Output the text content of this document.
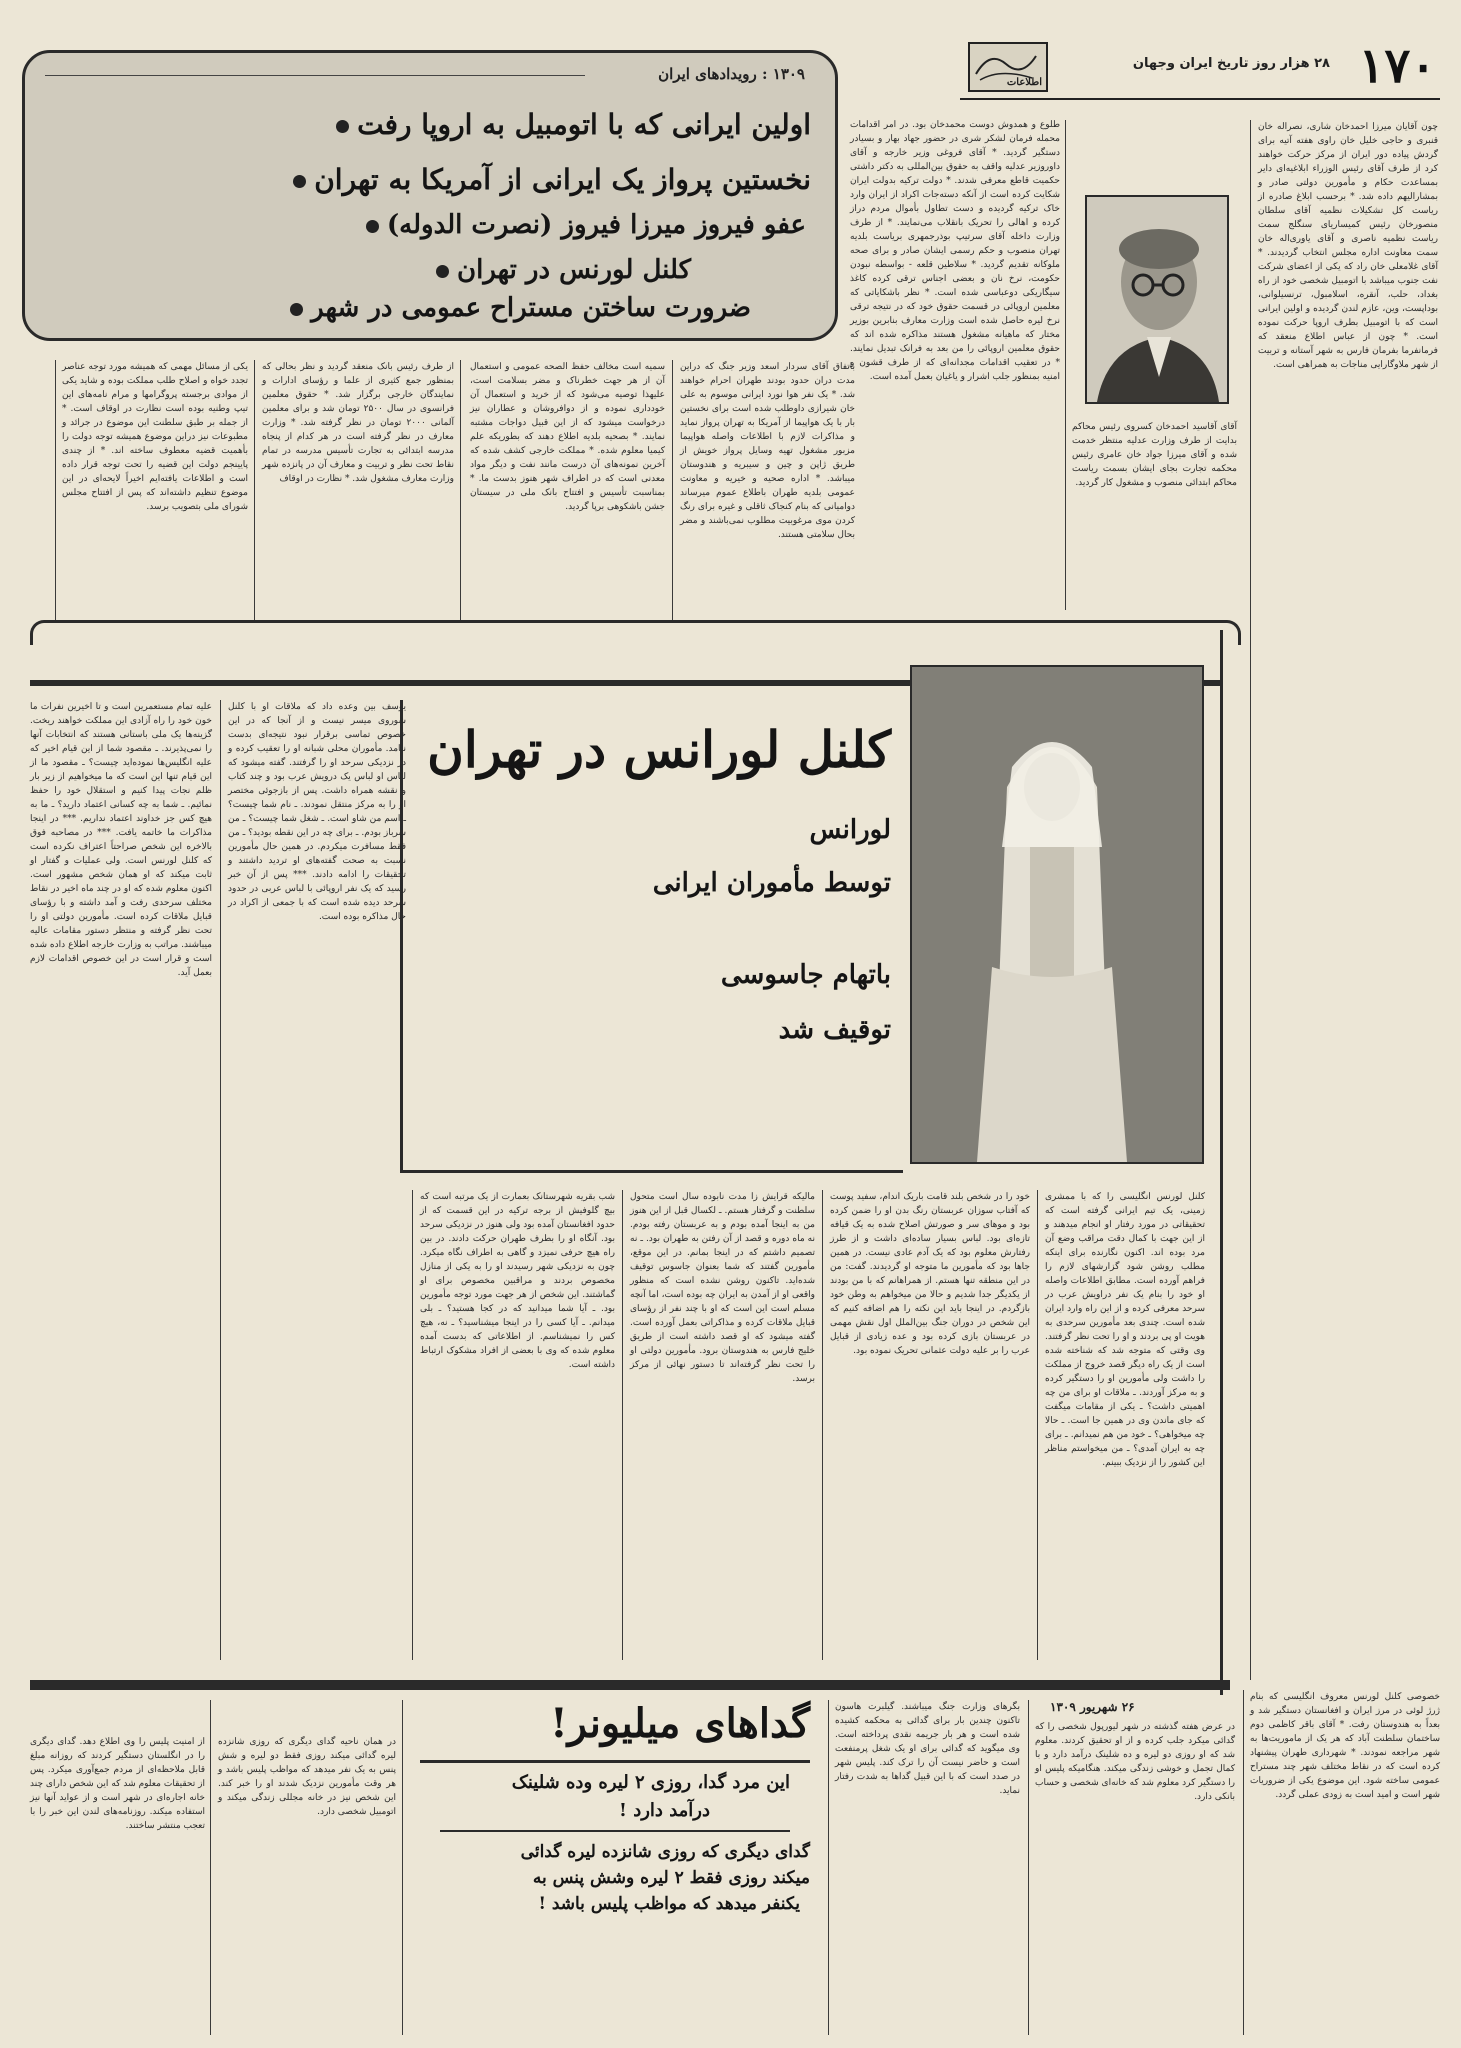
۱۷۰
۲۸ هزار روز تاریخ ایران وجهان
اطلاعات
۱۳۰۹ : رویدادهای ایران
اولین ایرانی که با اتومبیل به اروپا رفت
نخستین پرواز یک ایرانی از آمریکا به تهران
عفو فیروز میرزا فیروز (نصرت الدوله)
کلنل لورنس در تهران
ضرورت ساختن مستراح عمومی در شهر
چون آقایان میرزا احمدخان شاری، نصراله خان قنبری و حاجی خلیل خان راوی هفته آتیه برای گردش پیاده دور ایران از مرکز حرکت خواهند کرد از طرف آقای رئیس الوزراء ابلاغیه‌ای داير بمساعدت حکام و مأمورین دولتی صادر و بمشارالیهم داده شد. * برحسب ابلاغ صادره از ریاست کل تشکیلات نظمیه آقای سلطان منصورخان رئیس کمیساریای سنگلج سمت ریاست نظمیه ناصری و آقای یاوری‌اله خان سمت معاونت اداره مجلس انتخاب گردیدند. * آقای غلامعلی خان راد که یکی از اعضای شرکت نفت جنوب میباشد با اتومبیل شخصی خود از راه بغداد، حلب، آنقره، اسلامبول، ترنسیلوانی، بوداپست، وین، عازم لندن گردیده و اولین ایرانی است که با اتومبیل بطرف اروپا حرکت نموده است. * چون از عباس اطلاع منعقد که فرمانفرما بفرمان فارس به شهر آستانه و تربیت از شهر ملاوگارایی مناجات به همراهی است.
آقای آقاسید احمدخان کسروی رئیس محاکم بدایت از طرف وزارت عدلیه منتظر خدمت شده و آقای میرزا جواد خان عامری رئیس محکمه تجارت بجای ایشان بسمت ریاست محاکم ابتدائی منصوب و مشغول کار گردید.
طلوع و همدوش دوست محمدخان بود. در امر اقدامات محمله فرمان لشکر شری در حضور جهاد بهار و بسیادر دستگیر گردید. * آقای فروغی وزیر خارجه و آقای داوروزیر عدلیه واقف به حقوق بین‌المللی به دکتر داشتی حکمیت قاطع معرفی شدند. * دولت ترکیه بدولت ایران شکایت کرده است از آنکه دسته‌جات اکراد از ایران وارد خاک ترکیه گردیده و دست تطاول بأموال مردم دراز کرده و اهالی را تحریک بانقلاب می‌نمایند. * از طرف وزارت داخله آقای سرتیپ بوذرجمهری بریاست بلدیه تهران منصوب و حکم رسمی ایشان صادر و برای صحه ملوکانه تقدیم گردید. * سلاطین قلعه - بواسطه نبودن حکومت، نرخ نان و بعضی اجناس ترقی کرده کاغذ سیگاریکی دوعباسی شده است. * نظر باشکایاتی که معلمین اروپائی در قسمت حقوق خود که در نتیجه ترقی نرخ لیره حاصل شده است وزارت معارف بنابرین بوزیر مختار که ماهیانه مشغول هستند مذاکره شده اند که حقوق معلمین اروپائی را من بعد به فرانک تبدیل نمایند. * در تعقیب اقدامات مجدانه‌ای که از طرف قشون و امنیه بمنظور جلب اشرار و یاغیان بعمل آمده است.
باتفاق آقای سردار اسعد وزیر جنگ که دراین مدت دران حدود بودند طهران احرام خواهند شد. * یک نفر هوا نورد ایرانی موسوم به علی خان شیرازی داوطلب شده است برای نخستین بار با یک هواپیما از آمریکا به تهران پرواز نماید و مذاکرات لازم با اطلاعات واصله هواپیما مزبور مشغول تهیه وسایل پرواز خویش از طریق ژاپن و چین و سیبریه و هندوستان میباشد. * اداره صحیه و خیریه و معاونت عمومی بلدیه طهران باطلاع عموم میرساند دوامیانی که بنام کنجاک ثاقلی و غیره برای رنگ کردن موی مرغوبیت مطلوب نمی‌باشند و مضر بحال سلامتی هستند.
سمیه است مخالف حفظ الصحه عمومی و استعمال آن از هر جهت خطرناک و مضر بسلامت است، علیهذا توصیه می‌شود که از خرید و استعمال آن خودداری نموده و از دوافروشان و عطاران نیز درخواست میشود که از این قبیل دواجات مشتبه نمایند. * بصحیه بلدیه اطلاع دهند که بطوریکه علم کیمیا معلوم شده. * مملکت خارجی کشف شده که آخرین نمونه‌های آن درست مانند نفت و دیگر مواد معدنی است که در اطراف شهر هنوز بدست ما. * بمناسبت تأسیس و افتتاح بانک ملی در سیستان جشن باشکوهی برپا گردید.
از طرف رئیس بانک منعقد گردید و نظر بحالی که بمنظور جمع کثیری از علما و رؤسای ادارات و نمایندگان خارجی برگزار شد. * حقوق معلمین فرانسوی در سال ۲۵۰۰ تومان شد و برای معلمین آلمانی ۲۰۰۰ تومان در نظر گرفته شد. * وزارت معارف در نظر گرفته است در هر کدام از پنجاه مدرسه ابتدائی به تجارت تأسیس مدرسه در تمام نقاط تحت نظر و تربیت و معارف آن در پانزده شهر وزارت معارف مشغول شد. * نظارت در اوقاف
یکی از مسائل مهمی که همیشه مورد توجه عناصر تجدد خواه و اصلاح طلب مملکت بوده و شاید یکی از موادی برجسته پروگرامها و مرام نامه‌های این تیپ وطنیه بوده است نظارت در اوقاف است. * از جمله بر طبق سلطنت این موضوع در جرائد و مطبوعات نیز دراین موضوع همیشه توجه دولت را بأهمیت قضیه معطوف ساخته اند. * از چندی پایینجم دولت این قضیه را تحت توجه قرار داده است و اطلاعات یافته‌ایم اخیراً لایحه‌ای در این موضوع تنظیم داشته‌اند که پس از افتتاح مجلس شورای ملی بتصویب برسد.
کلنل لورانس در تهران
لورانس
توسط مأموران ایرانی
باتهام جاسوسی
توقیف شد
کلنل لورنس انگلیسی را که با ممشری زمینی، یک تیم ایرانی گرفته است که تحقیقاتی در مورد رفتار او انجام میدهند و از این جهت با کمال دقت مراقب وضع آن مرد بوده اند. اکنون نگارنده برای اینکه مطلب روشن شود گزارشهای لازم را فراهم آورده است. مطابق اطلاعات واصله او خود را بنام یک نفر دراویش عرب در سرحد معرفی کرده و از این راه وارد ایران شده است. چندی بعد مأمورین سرحدی به هویت او پی بردند و او را تحت نظر گرفتند. وی وقتی که متوجه شد که شناخته شده است از یک راه دیگر قصد خروج از مملکت را داشت ولی مأمورین او را دستگیر کرده و به مرکز آوردند. ـ ملاقات او برای من چه اهمیتی داشت؟ ـ یکی از مقامات میگفت که جای ماندن وی در همین جا است. ـ حالا چه میخواهی؟ ـ خود من هم نمیدانم. ـ برای چه به ایران آمدی؟ ـ من میخواستم مناظر این کشور را از نزدیک ببینم.
خود را در شخص بلند قامت باریک اندام، سفید پوست که آفتاب سوزان عربستان رنگ بدن او را ضمن کرده بود و موهای سر و صورتش اصلاح شده به یک قیافه تازه‌ای بود. لباس بسیار ساده‌ای داشت و از طرز رفتارش معلوم بود که یک آدم عادی نیست. در همین جاها بود که مأمورین ما متوجه او گردیدند. گفت: من در این منطقه تنها هستم. از همراهانم که با من بودند از یکدیگر جدا شدیم و حالا من میخواهم به وطن خود بازگردم. در اینجا باید این نکته را هم اضافه کنیم که این شخص در دوران جنگ بین‌الملل اول نقش مهمی در عربستان بازی کرده بود و عده زیادی از قبایل عرب را بر علیه دولت عثمانی تحریک نموده بود.
مالیکه قرایش زا مدت نابوده سال است متحول سلطنت و گرفتار هستم. ـ لکسال قبل از این هنوز من به اینجا آمده بودم و به عربستان رفته بودم. نه ماه دوره و قصد از آن رفتن به طهران بود. ـ نه تصمیم داشتم که در اینجا بمانم. در این موقع، مأمورین گفتند که شما بعنوان جاسوس توقیف شده‌اید. تاکنون روشن نشده است که منظور واقعی او از آمدن به ایران چه بوده است، اما آنچه مسلم است این است که او با چند نفر از رؤسای قبایل ملاقات کرده و مذاکراتی بعمل آورده است. گفته میشود که او قصد داشته است از طریق خلیج فارس به هندوستان برود. مأمورین دولتی او را تحت نظر گرفته‌اند تا دستور نهائی از مرکز برسد.
شب بقریه شهرستانک بعمارت از یک مرتبه است که بیچ گلوفیش از برجه ترکیه در این قسمت که از حدود افغانستان آمده بود ولی هنوز در نزدیکی سرحد بود. آنگاه او را بطرف طهران حرکت دادند. در بین راه هیچ حرفی نمیزد و گاهی به اطراف نگاه میکرد. چون به نزدیکی شهر رسیدند او را به یکی از منازل مخصوص بردند و مراقبین مخصوص برای او گماشتند. این شخص از هر جهت مورد توجه مأمورین بود. ـ آیا شما میدانید که در کجا هستید؟ ـ بلی میدانم. ـ آیا کسی را در اینجا میشناسید؟ ـ نه، هیچ کس را نمیشناسم. از اطلاعاتی که بدست آمده معلوم شده که وی با بعضی از افراد مشکوک ارتباط داشته است.
یوسف بین وعده داد که ملاقات او با کلنل شوروی میسر نیست و از آنجا که در این خصوص تماسی برقرار نبود نتیجه‌ای بدست نیامد. مأموران محلی شبانه او را تعقیب کرده و در نزدیکی سرحد او را گرفتند. گفته میشود که لباس او لباس یک درویش عرب بود و چند کتاب و نقشه همراه داشت. پس از بازجوئی مختصر او را به مرکز منتقل نمودند. ـ نام شما چیست؟ ـ اسم من شاو است. ـ شغل شما چیست؟ ـ من سرباز بودم. ـ برای چه در این نقطه بودید؟ ـ من فقط مسافرت میکردم. در همین حال مأمورین نسبت به صحت گفته‌های او تردید داشتند و تحقیقات را ادامه دادند. *** پس از آن خبر رسید که یک نفر اروپائی با لباس عربی در حدود سرحد دیده شده است که با جمعی از اکراد در حال مذاکره بوده است.
علیه تمام مستعمرین است و تا اخیرین نفرات ما خون خود را راه آزادی این مملکت خواهند ریخت. گزینه‌ها یک ملی باستانی هستند که انتخابات آنها را نمی‌پذیرند. ـ مقصود شما از این قیام اخیر که علیه انگلیس‌ها نموده‌اید چیست؟ ـ مقصود ما از این قیام تنها این است که ما میخواهیم از زیر بار ظلم نجات پیدا کنیم و استقلال خود را حفظ نمائیم. ـ شما به چه کسانی اعتماد دارید؟ ـ ما به هیچ کس جز خداوند اعتماد نداریم. *** در اینجا مذاکرات ما خاتمه یافت. *** در مصاحبه فوق بالاخره این شخص صراحتاً اعتراف نکرده است که کلنل لورنس است. ولی عملیات و گفتار او ثابت میکند که او همان شخص مشهور است. اکنون معلوم شده که او در چند ماه اخیر در نقاط مختلف سرحدی رفت و آمد داشته و با رؤسای قبایل ملاقات کرده است. مأمورین دولتی او را تحت نظر گرفته و منتظر دستور مقامات عالیه میباشند. مراتب به وزارت خارجه اطلاع داده شده است و قرار است در این خصوص اقدامات لازم بعمل آید.
۲۶ شهریور ۱۳۰۹
خصوصی کلنل لورنس معروف انگلیسی که بنام ژرژ لوئی در مرز ایران و افغانستان دستگیر شد و بعداً به هندوستان رفت. * آقای باقر کاظمی دوم ساختمان سلطنت آباد که هر یک از ماموریت‌ها به شهر مراجعه نمودند. * شهرداری طهران پیشنهاد کرده است که در نقاط مختلف شهر چند مستراح عمومی ساخته شود. این موضوع یکی از ضروریات شهر است و امید است به زودی عملی گردد.
در عرض هفته گذشته در شهر لیورپول شخصی را که گدائی میکرد جلب کرده و از او تحقیق کردند. معلوم شد که او روزی دو لیره و ده شلینک درآمد دارد و با کمال تجمل و خوشی زندگی میکند. هنگامیکه پلیس او را دستگیر کرد معلوم شد که خانه‌ای شخصی و حساب بانکی دارد.
بگرهای وزارت جنگ میباشند. گیلبرت هاسون تاکنون چندین بار برای گدائی به محکمه کشیده شده است و هر بار جریمه نقدی پرداخته است. وی میگوید که گدائی برای او یک شغل پرمنفعت است و حاضر نیست آن را ترک کند. پلیس شهر در صدد است که با این قبیل گداها به شدت رفتار نماید.
گداهای میلیونر!
این مرد گدا، روزی ۲ لیره وده شلینک
درآمد دارد !
گدای دیگری که روزی شانزده لیره گدائی
میکند روزی فقط ۲ لیره وشش پنس به
یکنفر میدهد که مواظب پلیس باشد !
در همان ناحیه گدای دیگری که روزی شانزده لیره گدائی میکند روزی فقط دو لیره و شش پنس به یک نفر میدهد که مواظب پلیس باشد و هر وقت مأمورین نزدیک شدند او را خبر کند. این شخص نیز در خانه مجللی زندگی میکند و اتومبیل شخصی دارد.
از امنیت پلیس را وی اطلاع دهد. گدای دیگری را در انگلستان دستگیر کردند که روزانه مبلغ قابل ملاحظه‌ای از مردم جمع‌آوری میکرد. پس از تحقیقات معلوم شد که این شخص دارای چند خانه اجاره‌ای در شهر است و از عواید آنها نیز استفاده میکند. روزنامه‌های لندن این خبر را با تعجب منتشر ساختند.
